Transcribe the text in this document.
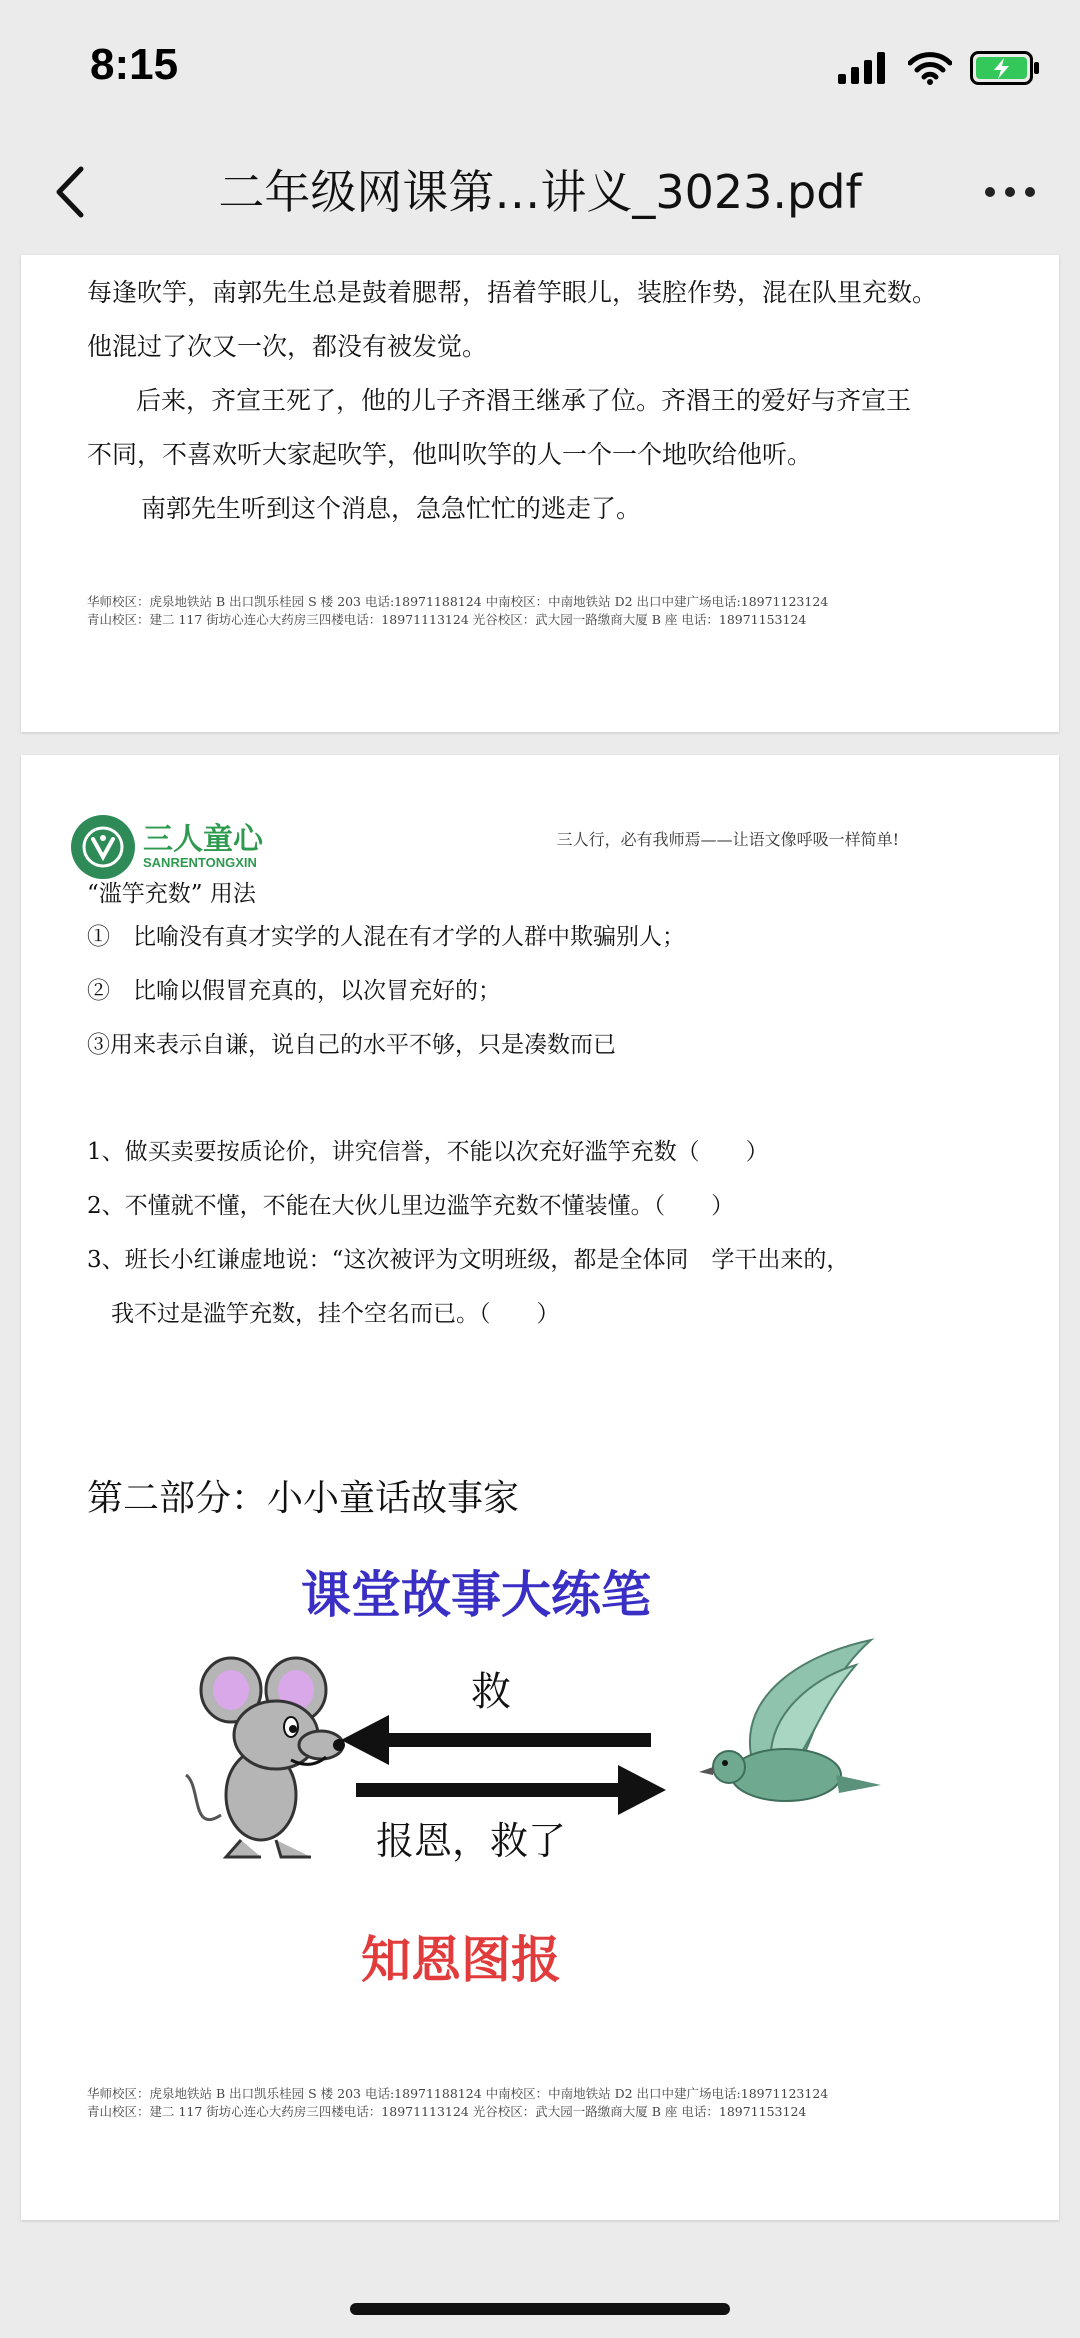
8:15
二年级网课第…讲义_3023.pdf
每逢吹竽，南郭先生总是鼓着腮帮，捂着竽眼儿，装腔作势，混在队里充数。
他混过了次又一次，都没有被发觉。
后来，齐宣王死了，他的儿子齐湣王继承了位。齐湣王的爱好与齐宣王
不同，不喜欢听大家起吹竽，他叫吹竽的人一个一个地吹给他听。
南郭先生听到这个消息，急急忙忙的逃走了。
华师校区：虎泉地铁站 B 出口凯乐桂园 S 楼 203 电话:18971188124 中南校区：中南地铁站 D2 出口中建广场电话:18971123124
青山校区：建二 117 街坊心连心大药房三四楼电话：18971113124 光谷校区：武大园一路缴商大厦 B 座 电话：18971153124
三人童心
SANRENTONGXIN
三人行，必有我师焉——让语文像呼吸一样简单!
“滥竽充数” 用法
①　比喻没有真才实学的人混在有才学的人群中欺骗别人；
②　比喻以假冒充真的，以次冒充好的；
③用来表示自谦，说自己的水平不够，只是凑数而已
1、做买卖要按质论价，讲究信誉，不能以次充好滥竽充数（　　）
2、不懂就不懂，不能在大伙儿里边滥竽充数不懂装懂。（　　）
3、班长小红谦虚地说：“这次被评为文明班级，都是全体同　学干出来的，
我不过是滥竽充数，挂个空名而已。（　　）
第二部分：小小童话故事家
课堂故事大练笔
救
报恩，救了
知恩图报
华师校区：虎泉地铁站 B 出口凯乐桂园 S 楼 203 电话:18971188124 中南校区：中南地铁站 D2 出口中建广场电话:18971123124
青山校区：建二 117 街坊心连心大药房三四楼电话：18971113124 光谷校区：武大园一路缴商大厦 B 座 电话：18971153124
